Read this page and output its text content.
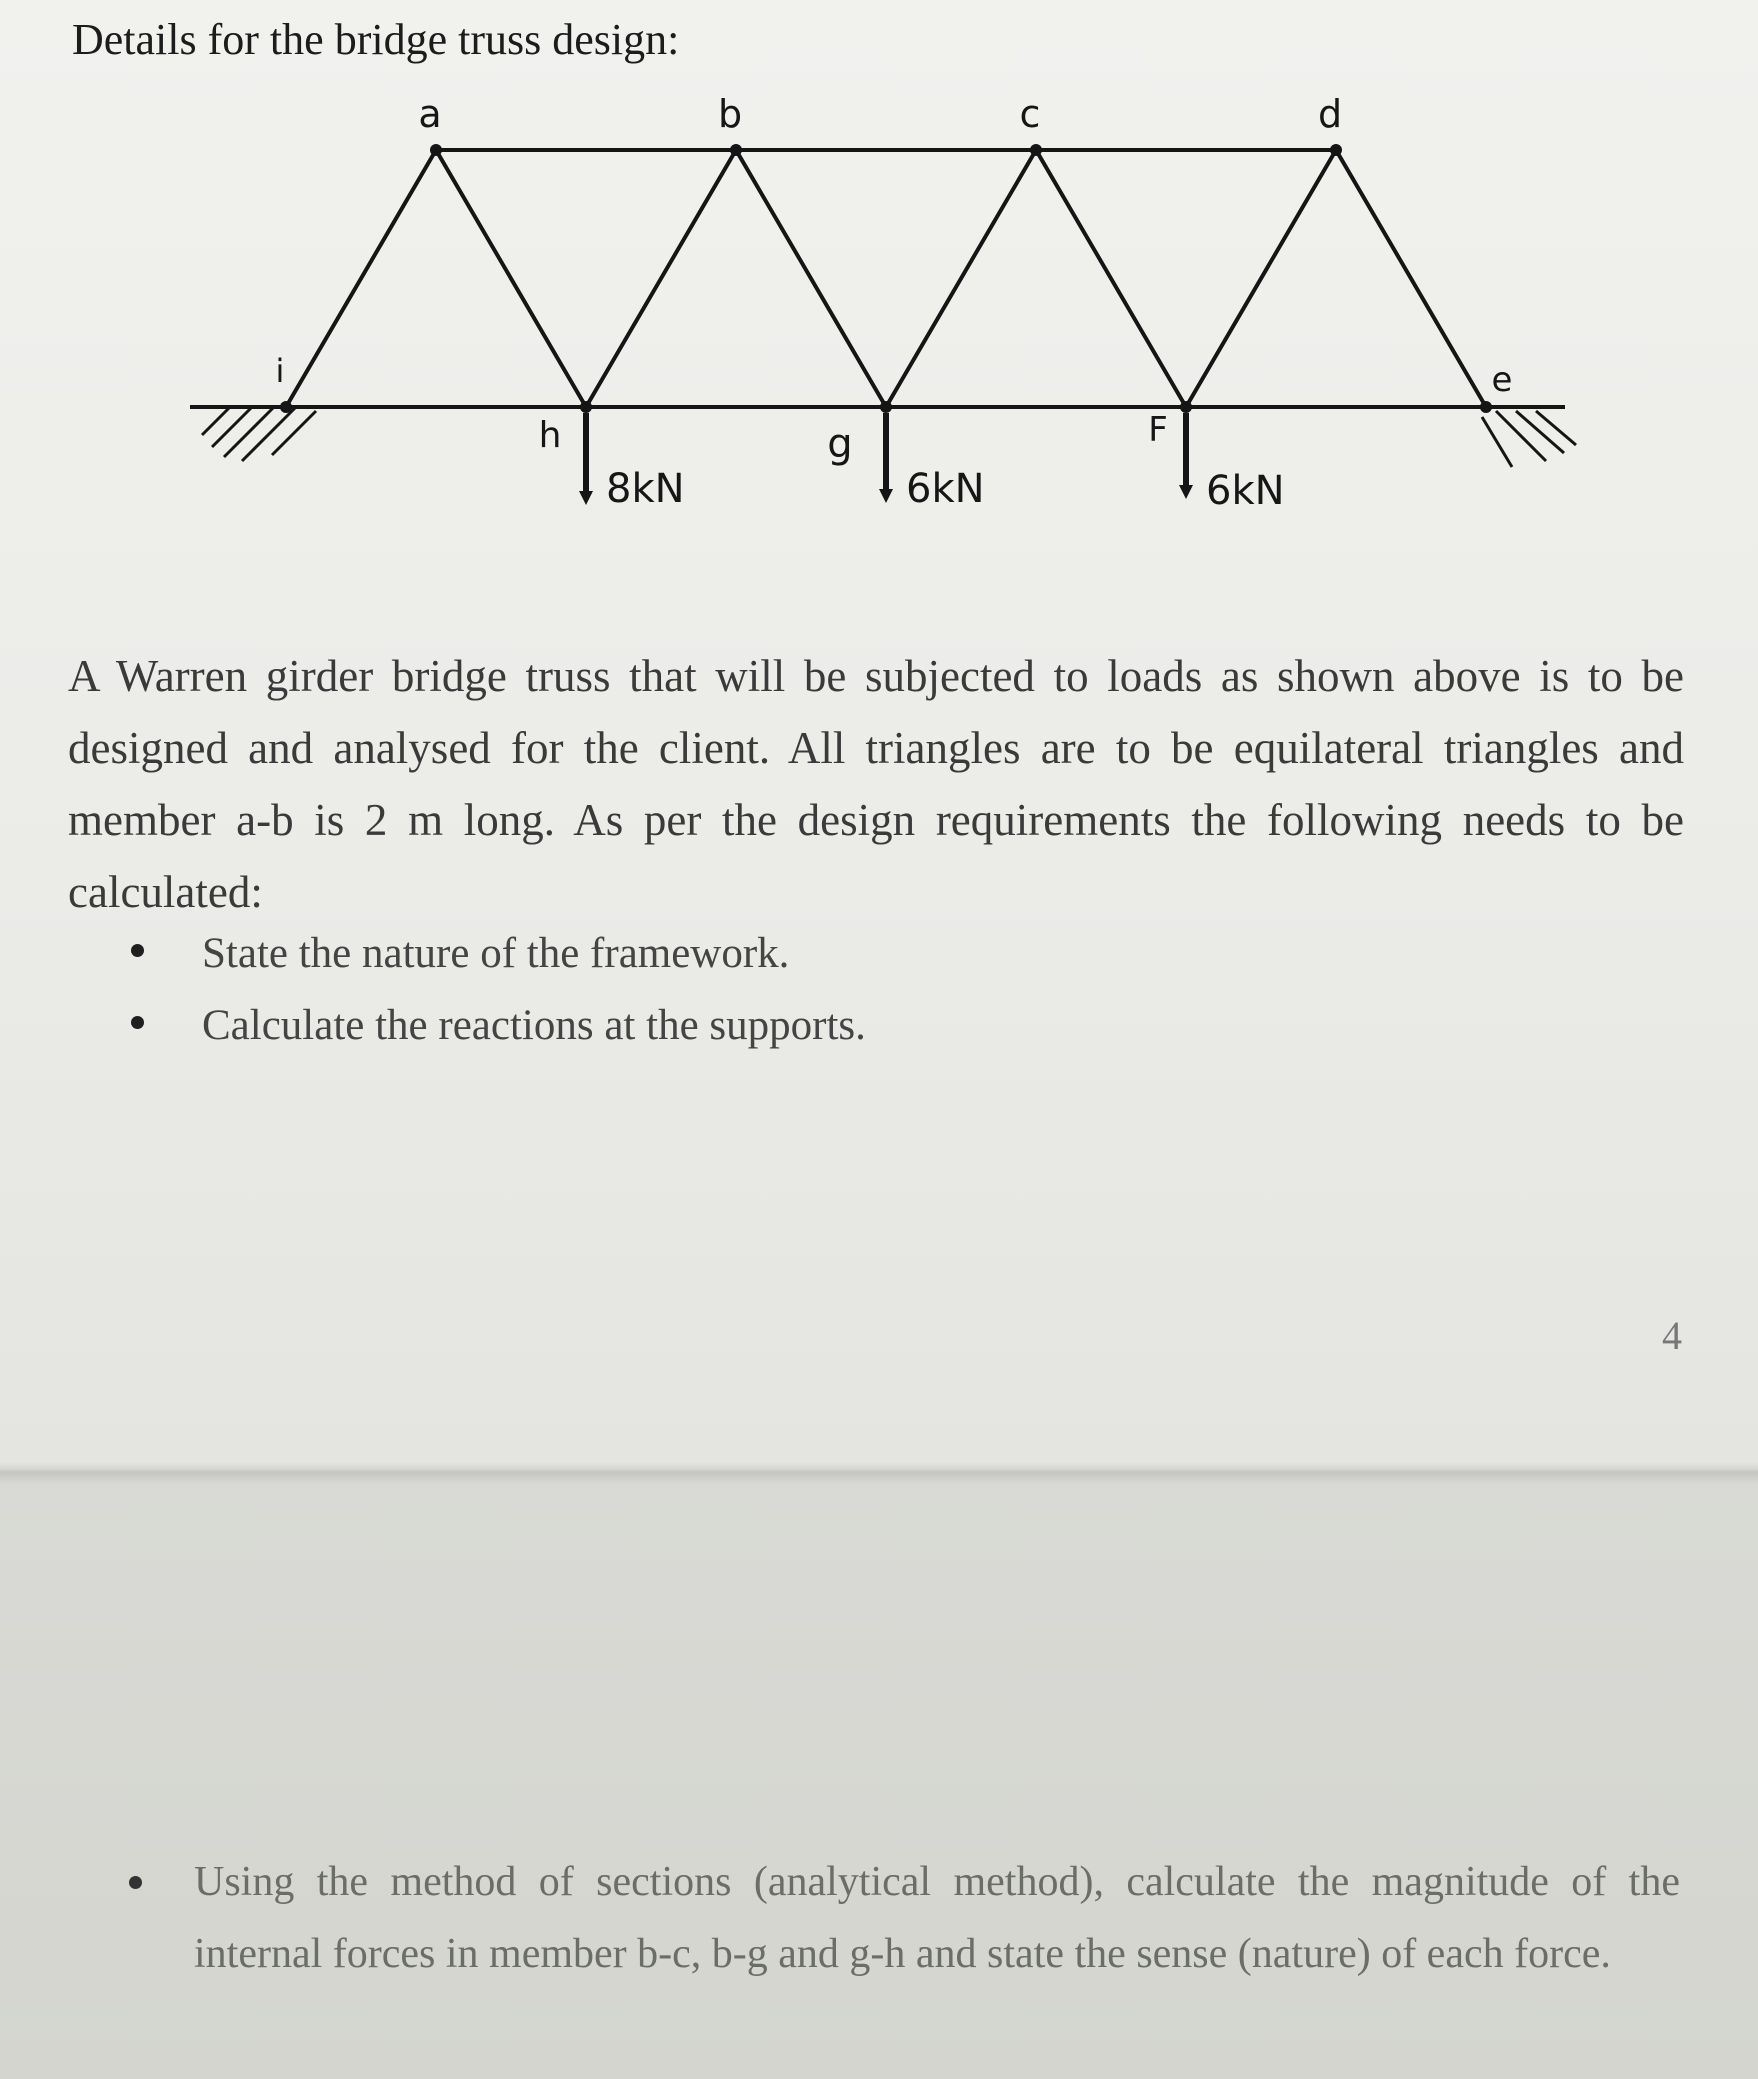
Details for the bridge truss design:
a	b	c	d
i
h	g	F
e
8kN	6kN	6kN

A Warren girder bridge truss that will be subjected to loads as shown above is to be designed and analysed for the client. All triangles are to be equilateral triangles and member a-b is 2 m long. As per the design requirements the following needs to be calculated:

State the nature of the framework.
Calculate the reactions at the supports.
4
Using the method of sections (analytical method), calculate the magnitude of the internal forces in member b-c, b-g and g-h and state the sense (nature) of each force.
